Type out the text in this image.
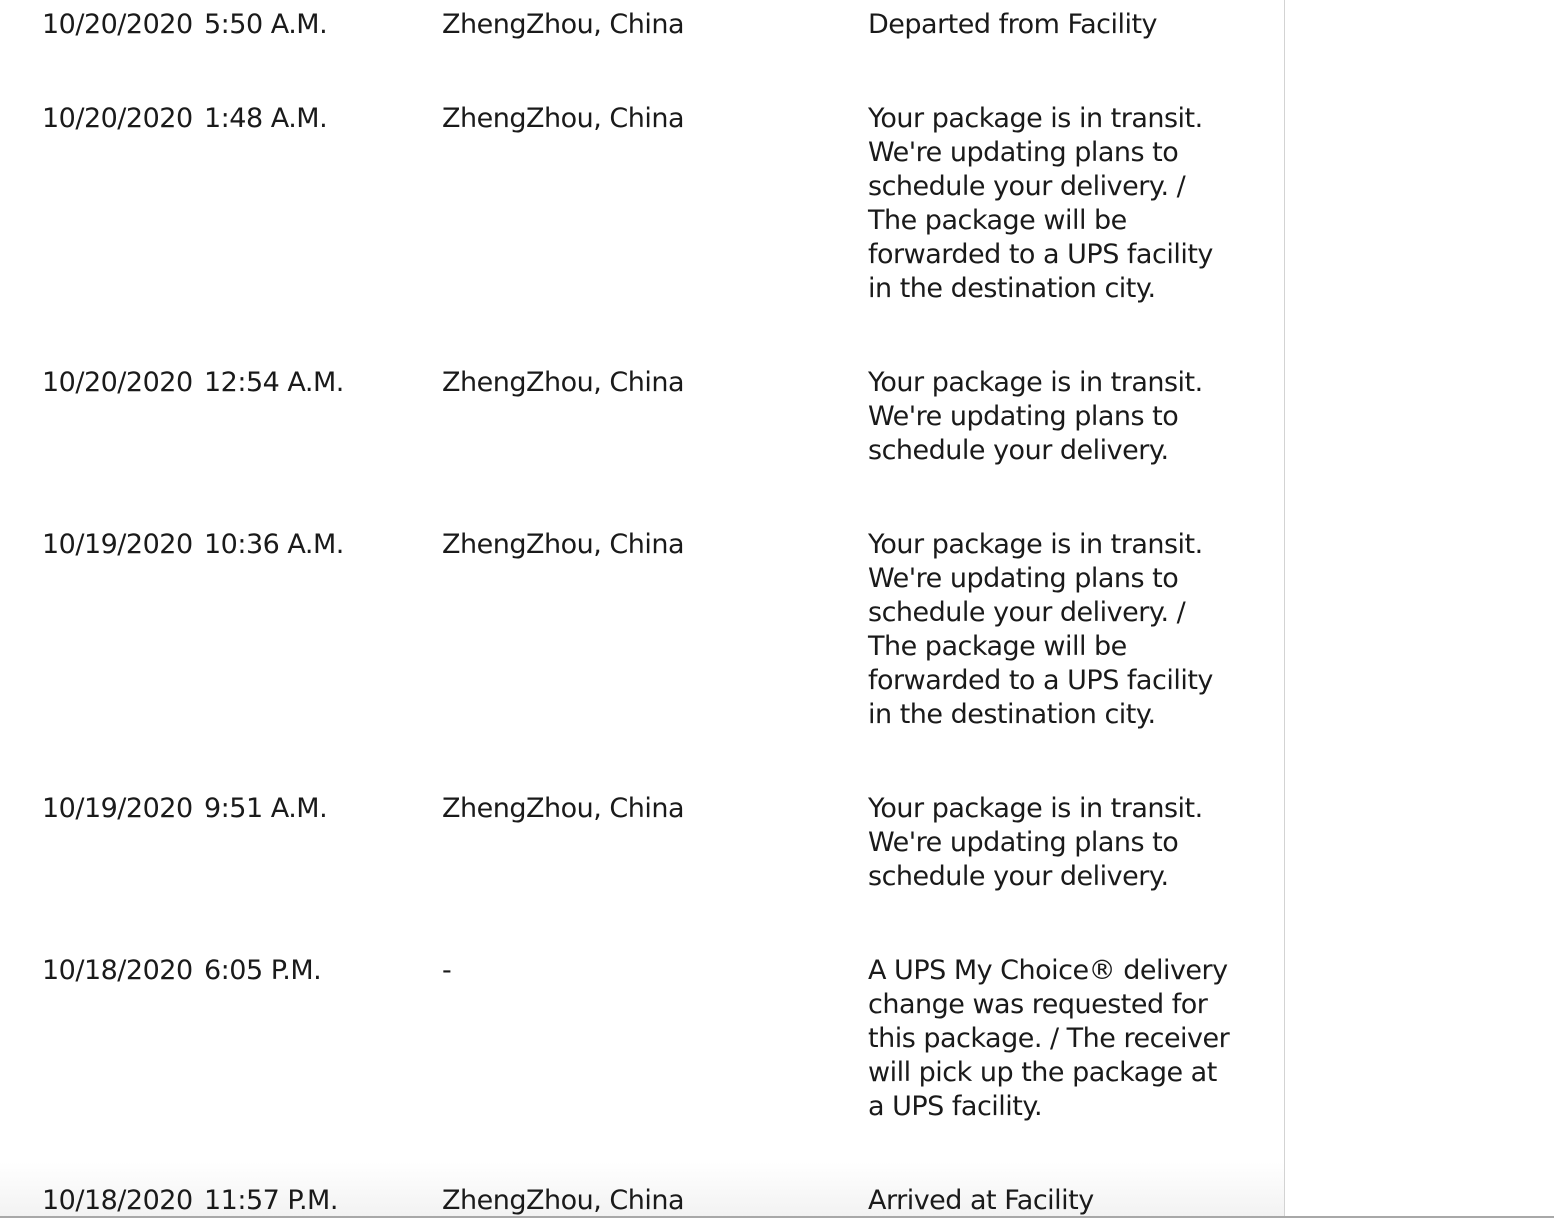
10/20/2020 5:50 A.M.	ZhengZhou, China	Departed from Facility
10/20/2020 1:48 A.M.	ZhengZhou, China	Your package is in transit.
We're updating plans to
schedule your delivery. /
The package will be
forwarded to a UPS facility
in the destination city.
10/20/2020 12:54 A.M.	ZhengZhou, China	Your package is in transit.
We're updating plans to
schedule your delivery.
10/19/2020 10:36 A.M.	ZhengZhou, China	Your package is in transit.
We're updating plans to
schedule your delivery. /
The package will be
forwarded to a UPS facility
in the destination city.
10/19/2020 9:51 A.M.	ZhengZhou, China	Your package is in transit.
We're updating plans to
schedule your delivery.
10/18/2020 6:05 P.M.	-	A UPS My Choice® delivery
change was requested for
this package. / The receiver
will pick up the package at
a UPS facility.
10/18/2020 11:57 P.M.	ZhengZhou, China	Arrived at Facility
